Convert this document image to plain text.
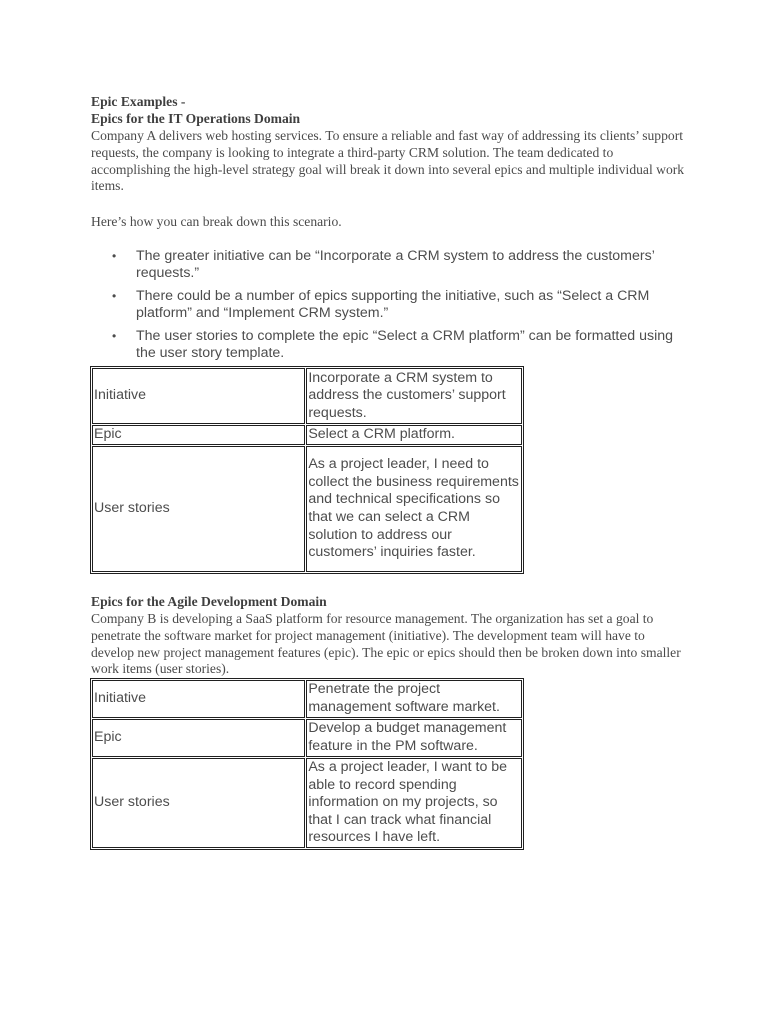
Epic Examples -
Epics for the IT Operations Domain

Company A delivers web hosting services. To ensure a reliable and fast way of addressing its clients’ support requests, the company is looking to integrate a third-party CRM solution. The team dedicated to accomplishing the high-level strategy goal will break it down into several epics and multiple individual work items.

Here’s how you can break down this scenario.

• The greater initiative can be “Incorporate a CRM system to address the customers’ requests.”
• There could be a number of epics supporting the initiative, such as “Select a CRM platform” and “Implement CRM system.”
• The user stories to complete the epic “Select a CRM platform” can be formatted using the user story template.
Initiative	Incorporate a CRM system to address the customers’ support requests.
Epic	Select a CRM platform.
User stories	As a project leader, I need to collect the business requirements and technical specifications so that we can select a CRM solution to address our customers’ inquiries faster.
Epics for the Agile Development Domain

Company B is developing a SaaS platform for resource management. The organization has set a goal to penetrate the software market for project management (initiative). The development team will have to develop new project management features (epic). The epic or epics should then be broken down into smaller work items (user stories).

Initiative	Penetrate the project management software market.
Epic	Develop a budget management feature in the PM software.
User stories	As a project leader, I want to be able to record spending information on my projects, so that I can track what financial resources I have left.
